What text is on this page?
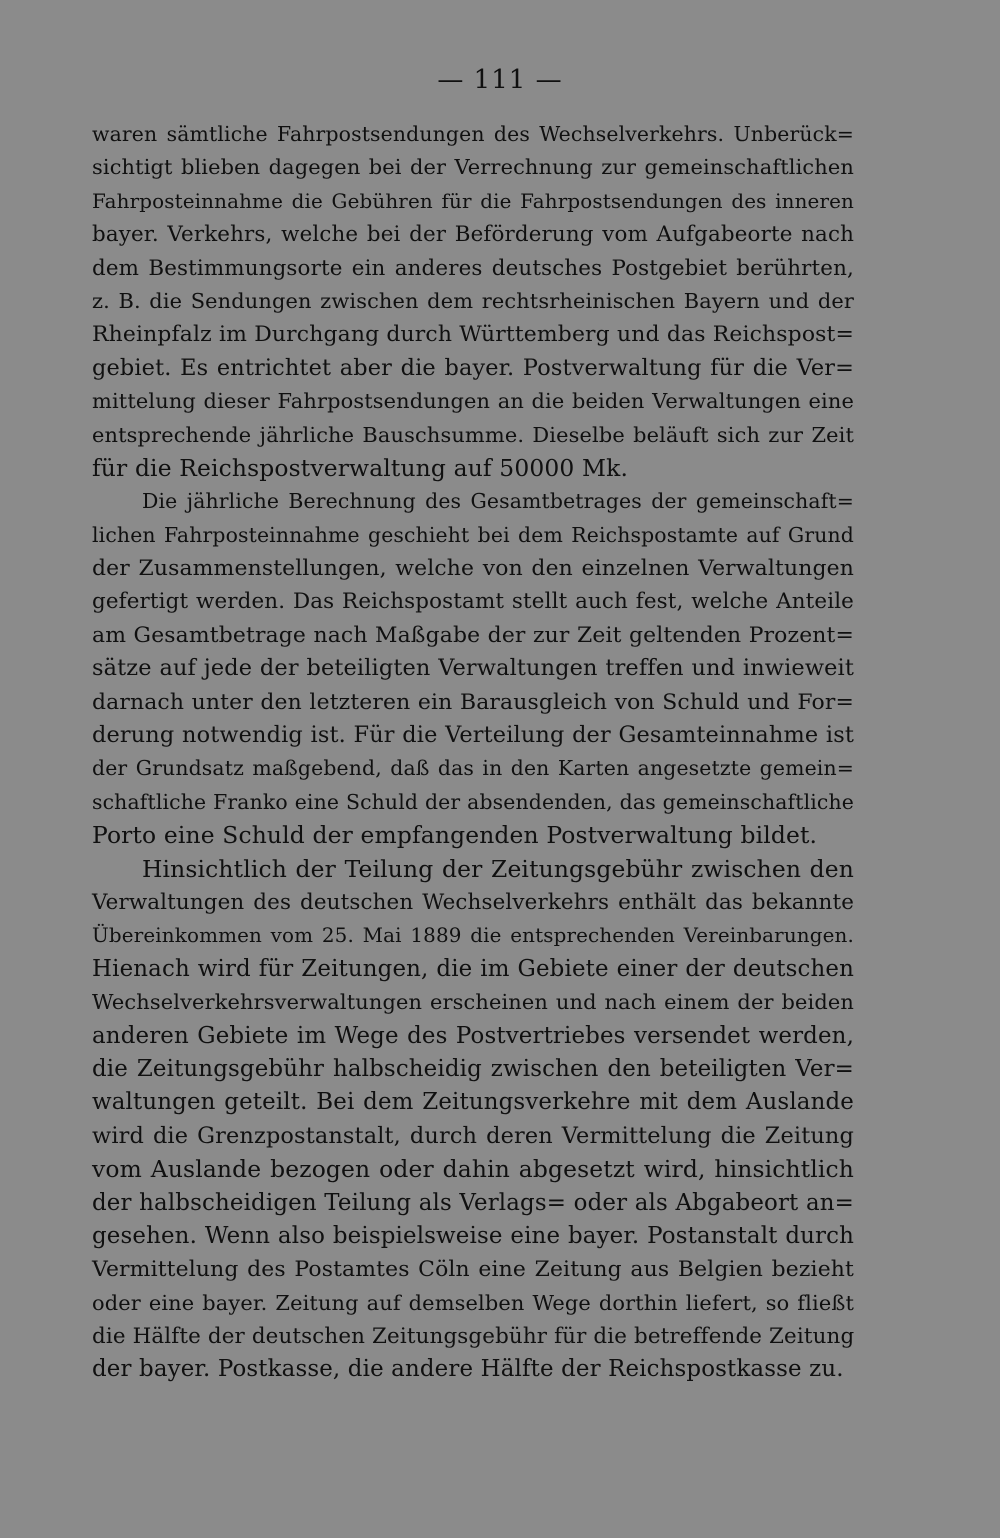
— 111 —
waren sämtliche Fahrpostsendungen des Wechselverkehrs. Unberück=
sichtigt blieben dagegen bei der Verrechnung zur gemeinschaftlichen
Fahrposteinnahme die Gebühren für die Fahrpostsendungen des inneren
bayer. Verkehrs, welche bei der Beförderung vom Aufgabeorte nach
dem Bestimmungsorte ein anderes deutsches Postgebiet berührten,
z. B. die Sendungen zwischen dem rechtsrheinischen Bayern und der
Rheinpfalz im Durchgang durch Württemberg und das Reichspost=
gebiet. Es entrichtet aber die bayer. Postverwaltung für die Ver=
mittelung dieser Fahrpostsendungen an die beiden Verwaltungen eine
entsprechende jährliche Bauschsumme. Dieselbe beläuft sich zur Zeit
für die Reichspostverwaltung auf 50000 Mk.
Die jährliche Berechnung des Gesamtbetrages der gemeinschaft=
lichen Fahrposteinnahme geschieht bei dem Reichspostamte auf Grund
der Zusammenstellungen, welche von den einzelnen Verwaltungen
gefertigt werden. Das Reichspostamt stellt auch fest, welche Anteile
am Gesamtbetrage nach Maßgabe der zur Zeit geltenden Prozent=
sätze auf jede der beteiligten Verwaltungen treffen und inwieweit
darnach unter den letzteren ein Barausgleich von Schuld und For=
derung notwendig ist. Für die Verteilung der Gesamteinnahme ist
der Grundsatz maßgebend, daß das in den Karten angesetzte gemein=
schaftliche Franko eine Schuld der absendenden, das gemeinschaftliche
Porto eine Schuld der empfangenden Postverwaltung bildet.
Hinsichtlich der Teilung der Zeitungsgebühr zwischen den
Verwaltungen des deutschen Wechselverkehrs enthält das bekannte
Übereinkommen vom 25. Mai 1889 die entsprechenden Vereinbarungen.
Hienach wird für Zeitungen, die im Gebiete einer der deutschen
Wechselverkehrsverwaltungen erscheinen und nach einem der beiden
anderen Gebiete im Wege des Postvertriebes versendet werden,
die Zeitungsgebühr halbscheidig zwischen den beteiligten Ver=
waltungen geteilt. Bei dem Zeitungsverkehre mit dem Auslande
wird die Grenzpostanstalt, durch deren Vermittelung die Zeitung
vom Auslande bezogen oder dahin abgesetzt wird, hinsichtlich
der halbscheidigen Teilung als Verlags= oder als Abgabeort an=
gesehen. Wenn also beispielsweise eine bayer. Postanstalt durch
Vermittelung des Postamtes Cöln eine Zeitung aus Belgien bezieht
oder eine bayer. Zeitung auf demselben Wege dorthin liefert, so fließt
die Hälfte der deutschen Zeitungsgebühr für die betreffende Zeitung
der bayer. Postkasse, die andere Hälfte der Reichspostkasse zu.
